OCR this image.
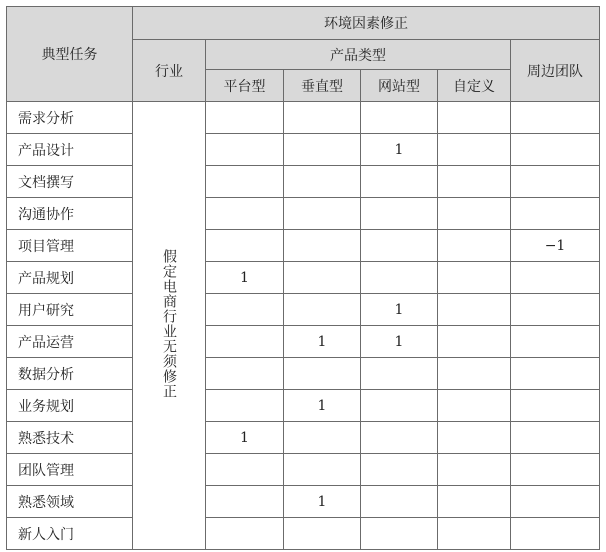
典型任务	环境因素修正					
	行业	产品类型				周边团队
		平台型	垂直型	网站型	自定义	
需求分析	假定电商行业无须修正					
产品设计				1		
文档撰写						
沟通协作						
项目管理						−1
产品规划		1				
用户研究				1		
产品运营			1	1		
数据分析						
业务规划			1			
熟悉技术		1				
团队管理						
熟悉领域			1			
新人入门						
